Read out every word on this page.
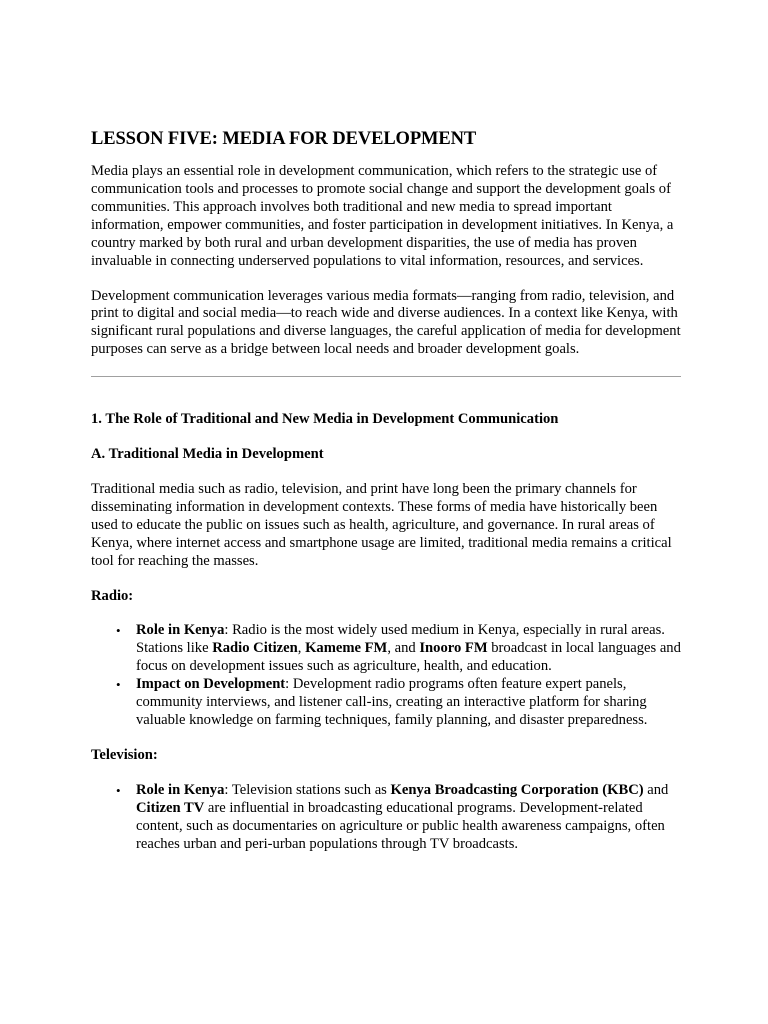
LESSON FIVE: MEDIA FOR DEVELOPMENT

Media plays an essential role in development communication, which refers to the strategic use of communication tools and processes to promote social change and support the development goals of communities. This approach involves both traditional and new media to spread important information, empower communities, and foster participation in development initiatives. In Kenya, a country marked by both rural and urban development disparities, the use of media has proven invaluable in connecting underserved populations to vital information, resources, and services.

Development communication leverages various media formats—ranging from radio, television, and print to digital and social media—to reach wide and diverse audiences. In a context like Kenya, with significant rural populations and diverse languages, the careful application of media for development purposes can serve as a bridge between local needs and broader development goals.

1. The Role of Traditional and New Media in Development Communication
A. Traditional Media in Development

Traditional media such as radio, television, and print have long been the primary channels for disseminating information in development contexts. These forms of media have historically been used to educate the public on issues such as health, agriculture, and governance. In rural areas of Kenya, where internet access and smartphone usage are limited, traditional media remains a critical tool for reaching the masses.

Radio:
• Role in Kenya: Radio is the most widely used medium in Kenya, especially in rural areas. Stations like Radio Citizen, Kameme FM, and Inooro FM broadcast in local languages and focus on development issues such as agriculture, health, and education.
• Impact on Development: Development radio programs often feature expert panels, community interviews, and listener call-ins, creating an interactive platform for sharing valuable knowledge on farming techniques, family planning, and disaster preparedness.
Television:
• Role in Kenya: Television stations such as Kenya Broadcasting Corporation (KBC) and Citizen TV are influential in broadcasting educational programs. Development-related content, such as documentaries on agriculture or public health awareness campaigns, often reaches urban and peri-urban populations through TV broadcasts.
